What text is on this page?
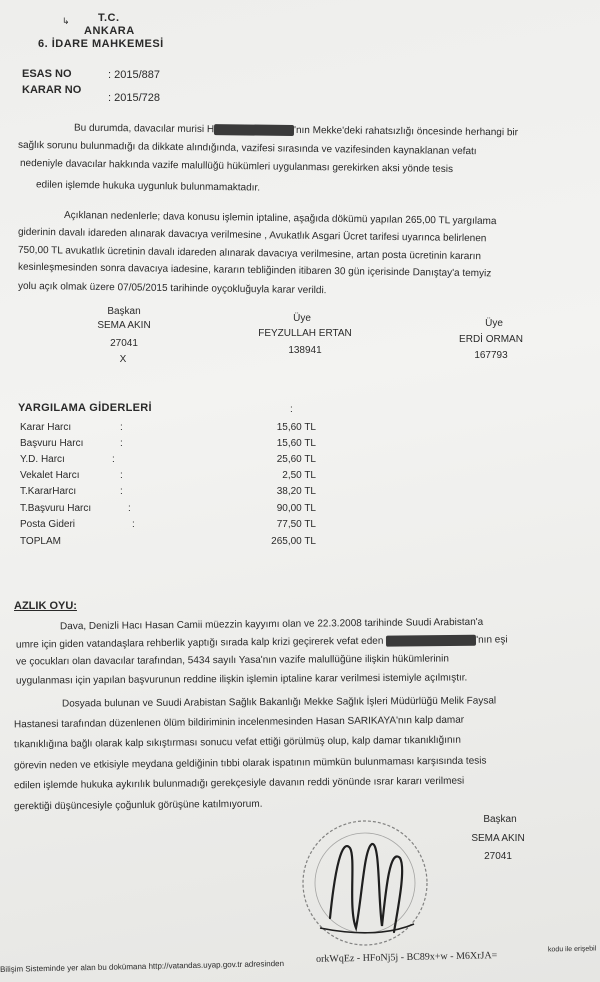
T.C.
↳
ANKARA
6. İDARE MAHKEMESİ
ESAS NO	: 2015/887
KARAR NO
: 2015/728
Bu durumda, davacılar murisi H	'nın Mekke'deki rahatsızlığı öncesinde herhangi bir
sağlık sorunu bulunmadığı da dikkate alındığında, vazifesi sırasında ve vazifesinden kaynaklanan vefatı
nedeniyle davacılar hakkında vazife malullüğü hükümleri uygulanması gerekirken aksi yönde tesis
edilen işlemde hukuka uygunluk bulunmamaktadır.
Açıklanan nedenlerle; dava konusu işlemin iptaline, aşağıda dökümü yapılan 265,00 TL yargılama
giderinin davalı idareden alınarak davacıya verilmesine , Avukatlık Asgari Ücret tarifesi uyarınca belirlenen
750,00 TL avukatlık ücretinin davalı idareden alınarak davacıya verilmesine, artan posta ücretinin kararın
kesinleşmesinden sonra davacıya iadesine, kararın tebliğinden itibaren 30 gün içerisinde Danıştay'a temyiz
yolu açık olmak üzere 07/05/2015 tarihinde oyçokluğuyla karar verildi.
Başkan
SEMA AKIN
27041
X
Üye
FEYZULLAH ERTAN
138941
Üye
ERDİ ORMAN
167793
YARGILAMA GİDERLERİ	:
Karar Harcı	:	15,60 TL
Başvuru Harcı	:	15,60 TL
Y.D. Harcı	:	25,60 TL
Vekalet Harcı	:	2,50 TL
T.KararHarcı	:	38,20 TL
T.Başvuru Harcı	:	90,00 TL
Posta Gideri	:	77,50 TL
TOPLAM	265,00 TL
AZLIK OYU:
Dava, Denizli Hacı Hasan Camii müezzin kayyımı olan ve 22.3.2008 tarihinde Suudi Arabistan'a
umre için giden vatandaşlara rehberlik yaptığı sırada kalp krizi geçirerek vefat eden	'nın eşi
ve çocukları olan davacılar tarafından, 5434 sayılı Yasa'nın vazife malullüğüne ilişkin hükümlerinin
uygulanması için yapılan başvurunun reddine ilişkin işlemin iptaline karar verilmesi istemiyle açılmıştır.
Dosyada bulunan ve Suudi Arabistan Sağlık Bakanlığı Mekke Sağlık İşleri Müdürlüğü Melik Faysal
Hastanesi tarafından düzenlenen ölüm bildiriminin incelenmesinden Hasan SARIKAYA'nın kalp damar
tıkanıklığına bağlı olarak kalp sıkıştırması sonucu vefat ettiği görülmüş olup, kalp damar tıkanıklığının
görevin neden ve etkisiyle meydana geldiğinin tıbbi olarak ispatının mümkün bulunmaması karşısında tesis
edilen işlemde hukuka aykırılık bulunmadığı gerekçesiyle davanın reddi yönünde ısrar kararı verilmesi
gerektiği düşüncesiyle çoğunluk görüşüne katılmıyorum.
Başkan
SEMA AKIN
27041
Bilişim Sisteminde yer alan bu dokümana http://vatandas.uyap.gov.tr adresinden
orkWqEz - HFoNj5j - BC89x+w - M6XrJA=
kodu ile erişebil
